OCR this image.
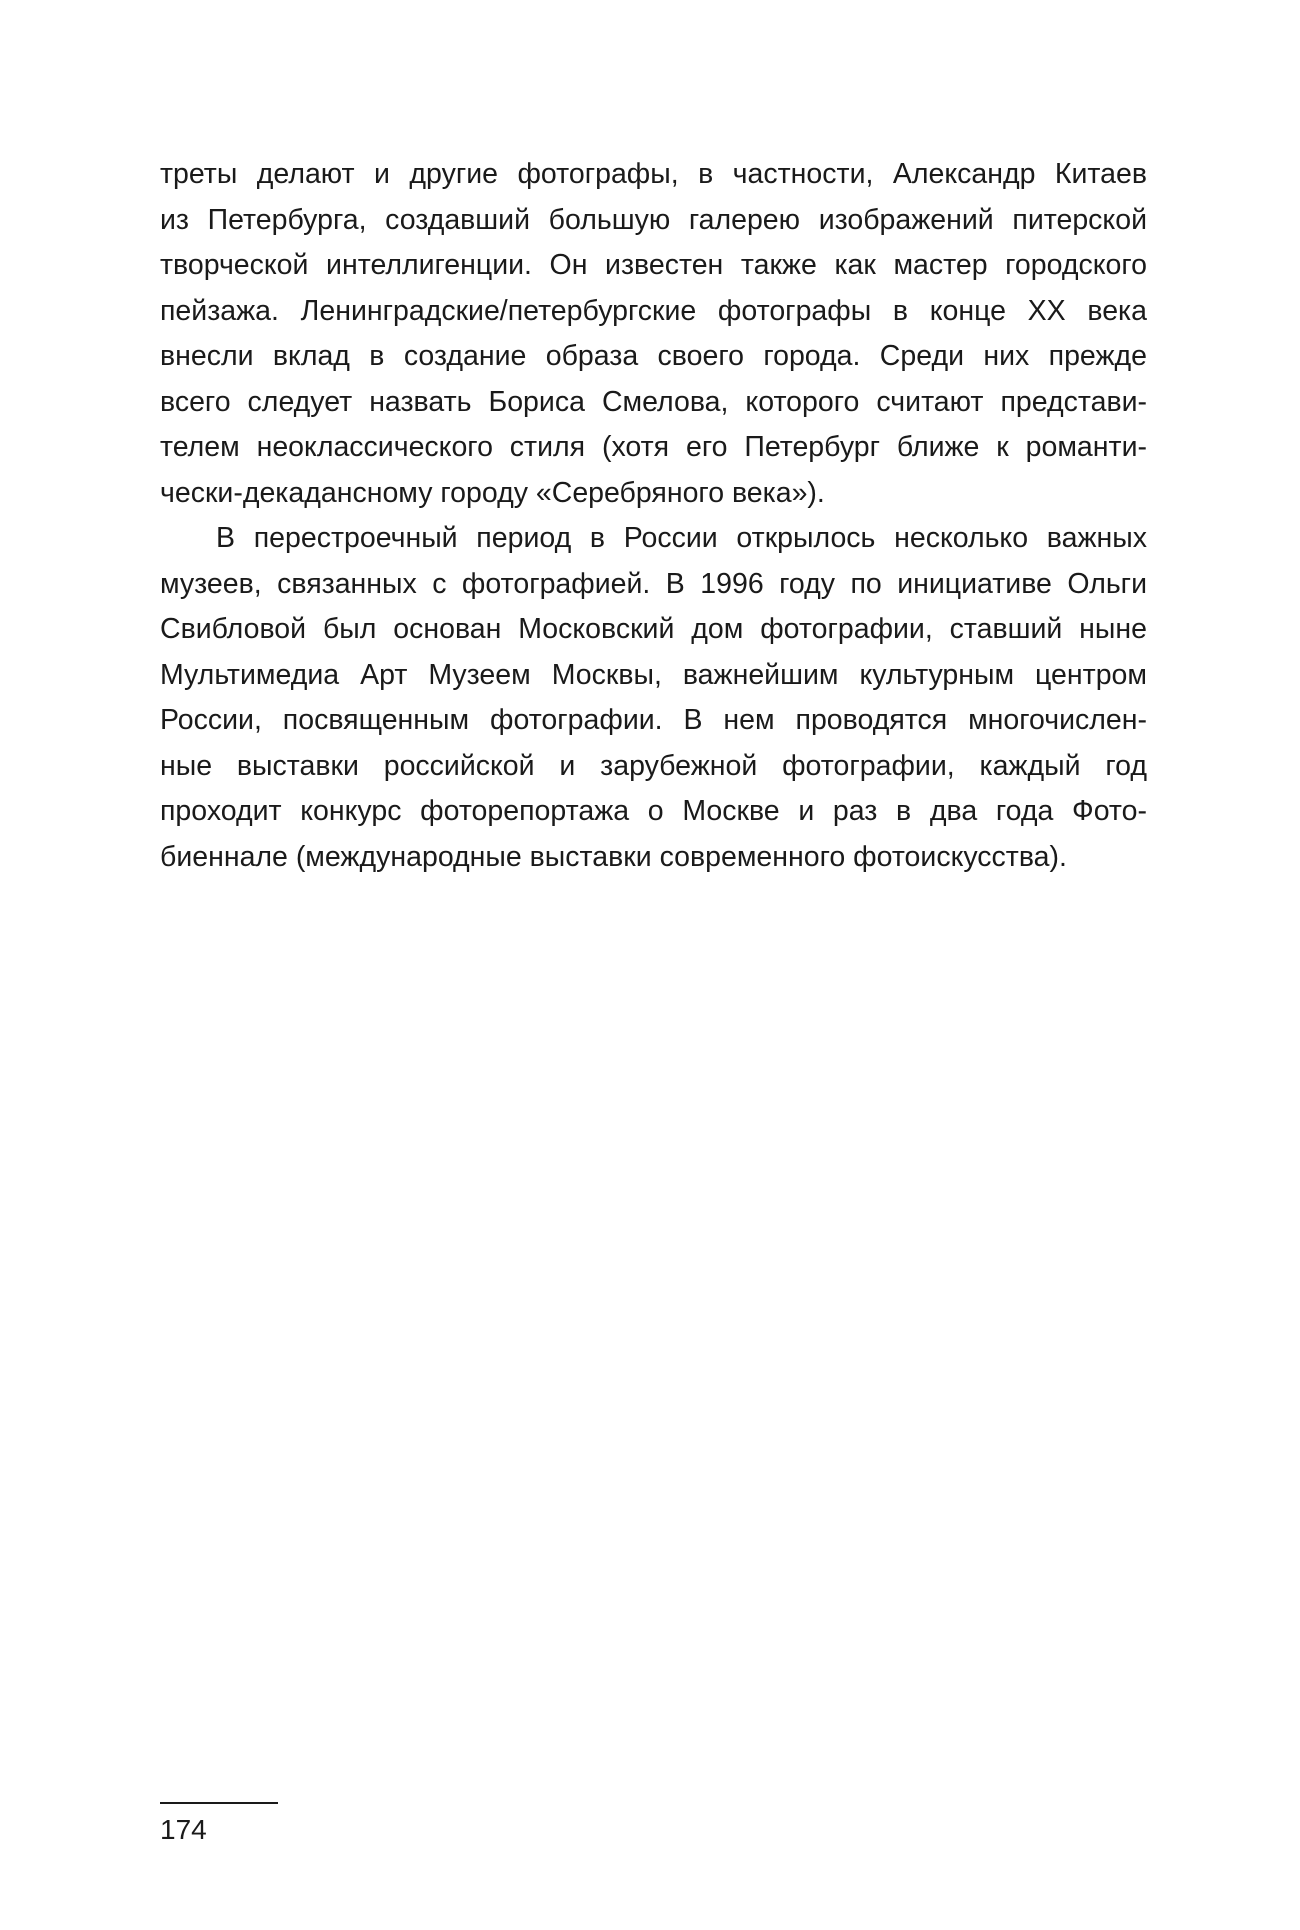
треты делают и другие фотографы, в частности, Александр Китаев
из Петербурга, создавший большую галерею изображений питерской
творческой интеллигенции. Он известен также как мастер городского
пейзажа. Ленинградские/петербургские фотографы в конце XX века
внесли вклад в создание образа своего города. Среди них прежде
всего следует назвать Бориса Смелова, которого считают представи-
телем неоклассического стиля (хотя его Петербург ближе к романти-
чески-декадансному городу «Серебряного века»).
В перестроечный период в России открылось несколько важных
музеев, связанных с фотографией. В 1996 году по инициативе Ольги
Свибловой был основан Московский дом фотографии, ставший ныне
Мультимедиа Арт Музеем Москвы, важнейшим культурным центром
России, посвященным фотографии. В нем проводятся многочислен-
ные выставки российской и зарубежной фотографии, каждый год
проходит конкурс фоторепортажа о Москве и раз в два года Фото-
биеннале (международные выставки современного фотоискусства).
174
